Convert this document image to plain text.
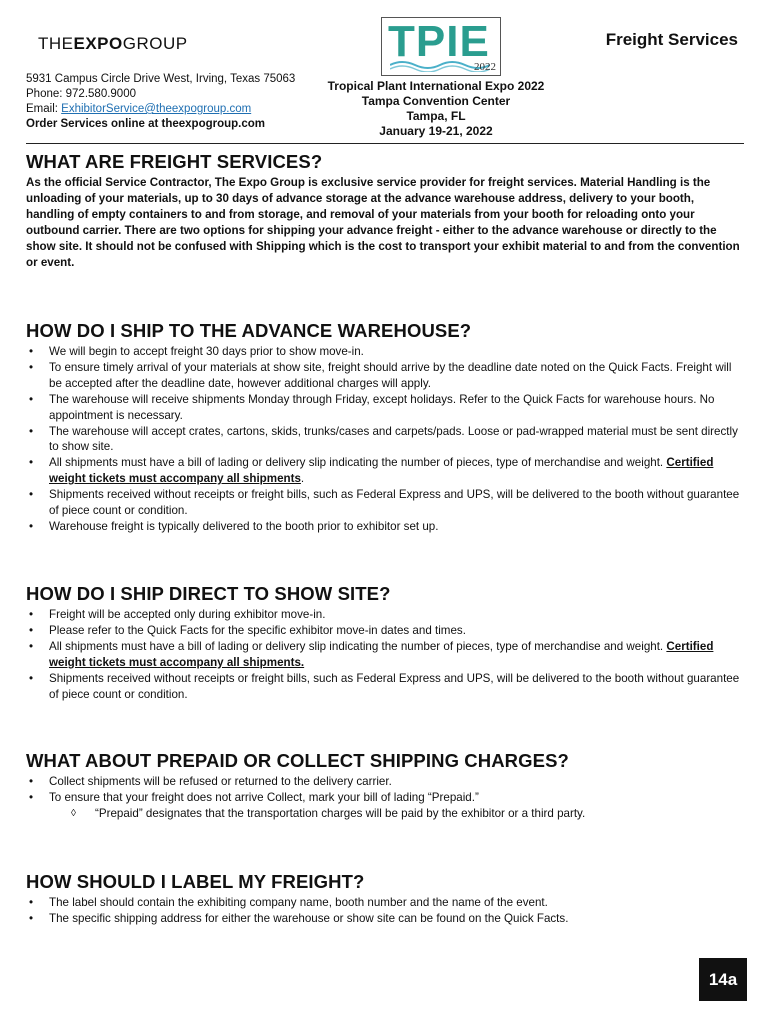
THEEXPOGROUP
5931 Campus Circle Drive West, Irving, Texas 75063
Phone: 972.580.9000
Email: ExhibitorService@theexpogroup.com
Order Services online at theexpogroup.com
TPIE
2022
Tropical Plant International Expo 2022
Tampa Convention Center
Tampa, FL
January 19-21, 2022
Freight Services
WHAT ARE FREIGHT SERVICES?

As the official Service Contractor, The Expo Group is exclusive service provider for freight services. Material Handling is the unloading of your materials, up to 30 days of advance storage at the advance warehouse address, delivery to your booth, handling of empty containers to and from storage, and removal of your materials from your booth for reloading onto your outbound carrier. There are two options for shipping your advance freight - either to the advance warehouse or directly to the show site. It should not be confused with Shipping which is the cost to transport your exhibit material to and from the convention or event.

HOW DO I SHIP TO THE ADVANCE WAREHOUSE?
• We will begin to accept freight 30 days prior to show move-in.
• To ensure timely arrival of your materials at show site, freight should arrive by the deadline date noted on the Quick Facts. Freight will be accepted after the deadline date, however additional charges will apply.
• The warehouse will receive shipments Monday through Friday, except holidays. Refer to the Quick Facts for warehouse hours. No appointment is necessary.
• The warehouse will accept crates, cartons, skids, trunks/cases and carpets/pads. Loose or pad-wrapped material must be sent directly to show site.
• All shipments must have a bill of lading or delivery slip indicating the number of pieces, type of merchandise and weight. Certified weight tickets must accompany all shipments.
• Shipments received without receipts or freight bills, such as Federal Express and UPS, will be delivered to the booth without guarantee of piece count or condition.
• Warehouse freight is typically delivered to the booth prior to exhibitor set up.
HOW DO I SHIP DIRECT TO SHOW SITE?
• Freight will be accepted only during exhibitor move-in.
• Please refer to the Quick Facts for the specific exhibitor move-in dates and times.
• All shipments must have a bill of lading or delivery slip indicating the number of pieces, type of merchandise and weight. Certified weight tickets must accompany all shipments.
• Shipments received without receipts or freight bills, such as Federal Express and UPS, will be delivered to the booth without guarantee of piece count or condition.
WHAT ABOUT PREPAID OR COLLECT SHIPPING CHARGES?
• Collect shipments will be refused or returned to the delivery carrier.
• To ensure that your freight does not arrive Collect, mark your bill of lading “Prepaid.”
◊ “Prepaid” designates that the transportation charges will be paid by the exhibitor or a third party.
HOW SHOULD I LABEL MY FREIGHT?
• The label should contain the exhibiting company name, booth number and the name of the event.
• The specific shipping address for either the warehouse or show site can be found on the Quick Facts.
14a
